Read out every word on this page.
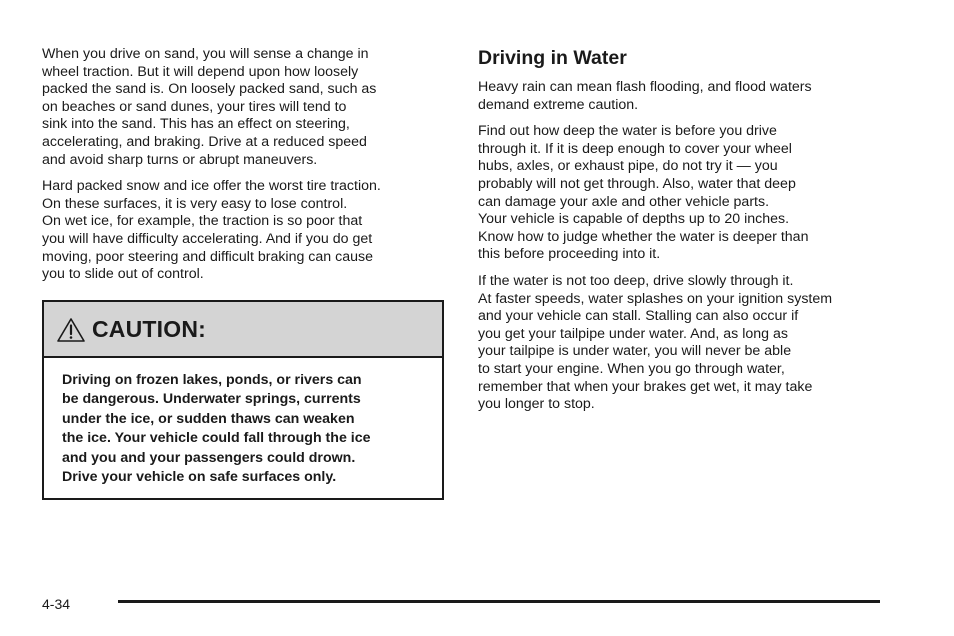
When you drive on sand, you will sense a change in
wheel traction. But it will depend upon how loosely
packed the sand is. On loosely packed sand, such as
on beaches or sand dunes, your tires will tend to
sink into the sand. This has an effect on steering,
accelerating, and braking. Drive at a reduced speed
and avoid sharp turns or abrupt maneuvers.

Hard packed snow and ice offer the worst tire traction.
On these surfaces, it is very easy to lose control.
On wet ice, for example, the traction is so poor that
you will have difficulty accelerating. And if you do get
moving, poor steering and difficult braking can cause
you to slide out of control.

CAUTION:
Driving on frozen lakes, ponds, or rivers can
be dangerous. Underwater springs, currents
under the ice, or sudden thaws can weaken
the ice. Your vehicle could fall through the ice
and you and your passengers could drown.
Drive your vehicle on safe surfaces only.
Driving in Water

Heavy rain can mean flash flooding, and flood waters
demand extreme caution.

Find out how deep the water is before you drive
through it. If it is deep enough to cover your wheel
hubs, axles, or exhaust pipe, do not try it — you
probably will not get through. Also, water that deep
can damage your axle and other vehicle parts.
Your vehicle is capable of depths up to 20 inches.
Know how to judge whether the water is deeper than
this before proceeding into it.

If the water is not too deep, drive slowly through it.
At faster speeds, water splashes on your ignition system
and your vehicle can stall. Stalling can also occur if
you get your tailpipe under water. And, as long as
your tailpipe is under water, you will never be able
to start your engine. When you go through water,
remember that when your brakes get wet, it may take
you longer to stop.

4-34
